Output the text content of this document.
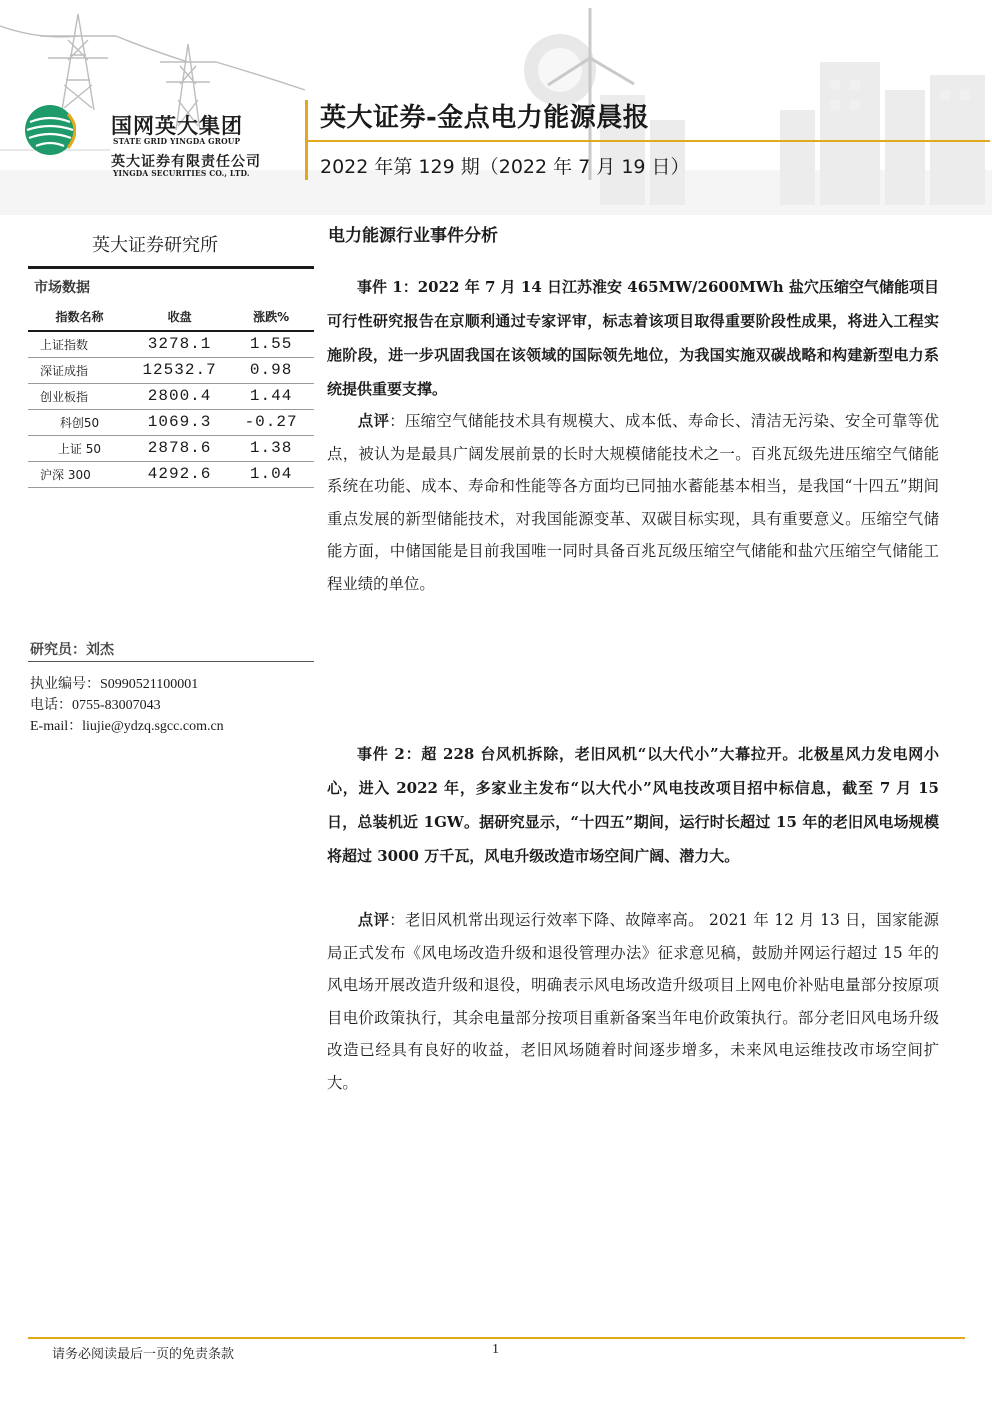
国网英大集团
STATE GRID YINGDA GROUP
英大证券有限责任公司
YINGDA SECURITIES CO., LTD.
英大证券-金点电力能源晨报
2022 年第 129 期（2022 年 7 月 19 日）
英大证券研究所
市场数据
指数名称	收盘	涨跌%
上证指数	3278.1	1.55
深证成指	12532.7	0.98
创业板指	2800.4	1.44
科创50	1069.3	-0.27
上证 50	2878.6	1.38
沪深 300	4292.6	1.04
研究员：刘杰
执业编号：S0990521100001
电话：0755-83007043
E-mail：liujie@ydzq.sgcc.com.cn
电力能源行业事件分析

事件 1：2022 年 7 月 14 日江苏淮安 465MW/2600MWh 盐穴压缩空气储能项目可行性研究报告在京顺利通过专家评审，标志着该项目取得重要阶段性成果，将进入工程实施阶段，进一步巩固我国在该领域的国际领先地位，为我国实施双碳战略和构建新型电力系统提供重要支撑。

点评：压缩空气储能技术具有规模大、成本低、寿命长、清洁无污染、安全可靠等优点，被认为是最具广阔发展前景的长时大规模储能技术之一。百兆瓦级先进压缩空气储能系统在功能、成本、寿命和性能等各方面均已同抽水蓄能基本相当，是我国“十四五”期间重点发展的新型储能技术，对我国能源变革、双碳目标实现，具有重要意义。压缩空气储能方面，中储国能是目前我国唯一同时具备百兆瓦级压缩空气储能和盐穴压缩空气储能工程业绩的单位。

事件 2：超 228 台风机拆除，老旧风机“以大代小”大幕拉开。北极星风力发电网小心，进入 2022 年，多家业主发布“以大代小”风电技改项目招中标信息，截至 7 月 15 日，总装机近 1GW。据研究显示，“十四五”期间，运行时长超过 15 年的老旧风电场规模将超过 3000 万千瓦，风电升级改造市场空间广阔、潜力大。

点评：老旧风机常出现运行效率下降、故障率高。 2021 年 12 月 13 日，国家能源局正式发布《风电场改造升级和退役管理办法》征求意见稿，鼓励并网运行超过 15 年的风电场开展改造升级和退役，明确表示风电场改造升级项目上网电价补贴电量部分按原项目电价政策执行，其余电量部分按项目重新备案当年电价政策执行。部分老旧风电场升级改造已经具有良好的收益，老旧风场随着时间逐步增多，未来风电运维技改市场空间扩大。

请务必阅读最后一页的免责条款	1
